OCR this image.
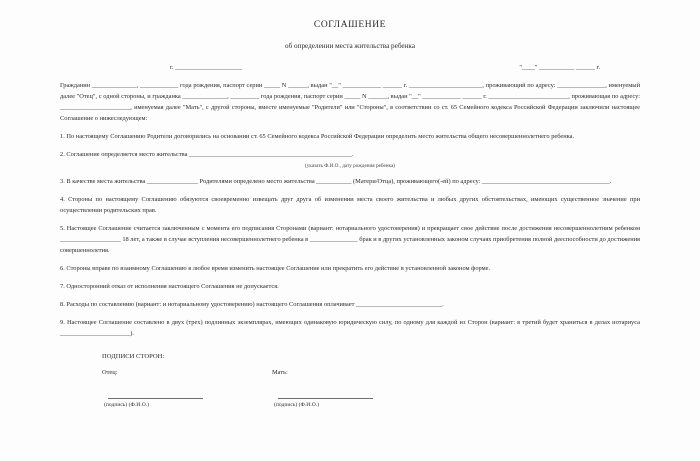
СОГЛАШЕНИЕ
об определении места жительства ребенка
г. _____________________	"____" ___________ ______ г.

Гражданин ______________, ____________ года рождения, паспорт серии _____ N ______, выдан "__" ____________ ______ г. _______________________, проживающий по адресу: _______________, именуемый далее "Отец", с одной стороны, и гражданка ______________, _________ года рождения, паспорт серии _____ N ______, выдан "__" ____________ ______ г. _________________________, проживающая по адресу: ______________________, именуемая далее "Мать", с другой стороны, вместе именуемые "Родители" или "Стороны", в соответствии со ст. 65 Семейного кодекса Российской Федерации заключили настоящее Соглашение о нижеследующем:

1. По настоящему Соглашению Родители договорились на основании ст. 65 Семейного кодекса Российской Федерации определить место жительства общего несовершеннолетнего ребенка.

2. Соглашение определяется место жительства ___________________________________________________.

(указать Ф.И.О., дату рождения ребенка)

3. В качестве места жительства ________________ Родителями определено место жительства ___________ (Матери/Отца), проживающего(-ей) по адресу: ________________________________________.

4. Стороны по настоящему Соглашению обязуются своевременно извещать друг друга об изменении места своего жительства и любых других обстоятельствах, имеющих существенное значение при осуществлении родительских прав.

5. Настоящее Соглашение считается заключенным с момента его подписания Сторонами (вариант: нотариального удостоверения) и прекращает свое действие после достижения несовершеннолетним ребенком ___________________ 18 лет, а также в случае вступления несовершеннолетнего ребенка в _______________ брак и в других установленных законом случаях приобретения полной дееспособности до достижения совершеннолетия.

6. Стороны вправе по взаимному Соглашению в любое время изменить настоящее Соглашение или прекратить его действие в установленной законом форме.

7. Односторонний отказ от исполнения настоящего Соглашения не допускается.

8. Расходы по составлению (вариант: и нотариальному удостоверению) настоящего Соглашения оплачивает ___________________________.

9. Настоящее Соглашение составлено в двух (трех) подлинных экземплярах, имеющих одинаковую юридическую силу, по одному для каждой из Сторон (вариант: в третий будет храниться в делах нотариуса ______________________).

ПОДПИСИ СТОРОН:
Отец:
(подпись) (Ф.И.О.)
Мать:
(подпись) (Ф.И.О.)
